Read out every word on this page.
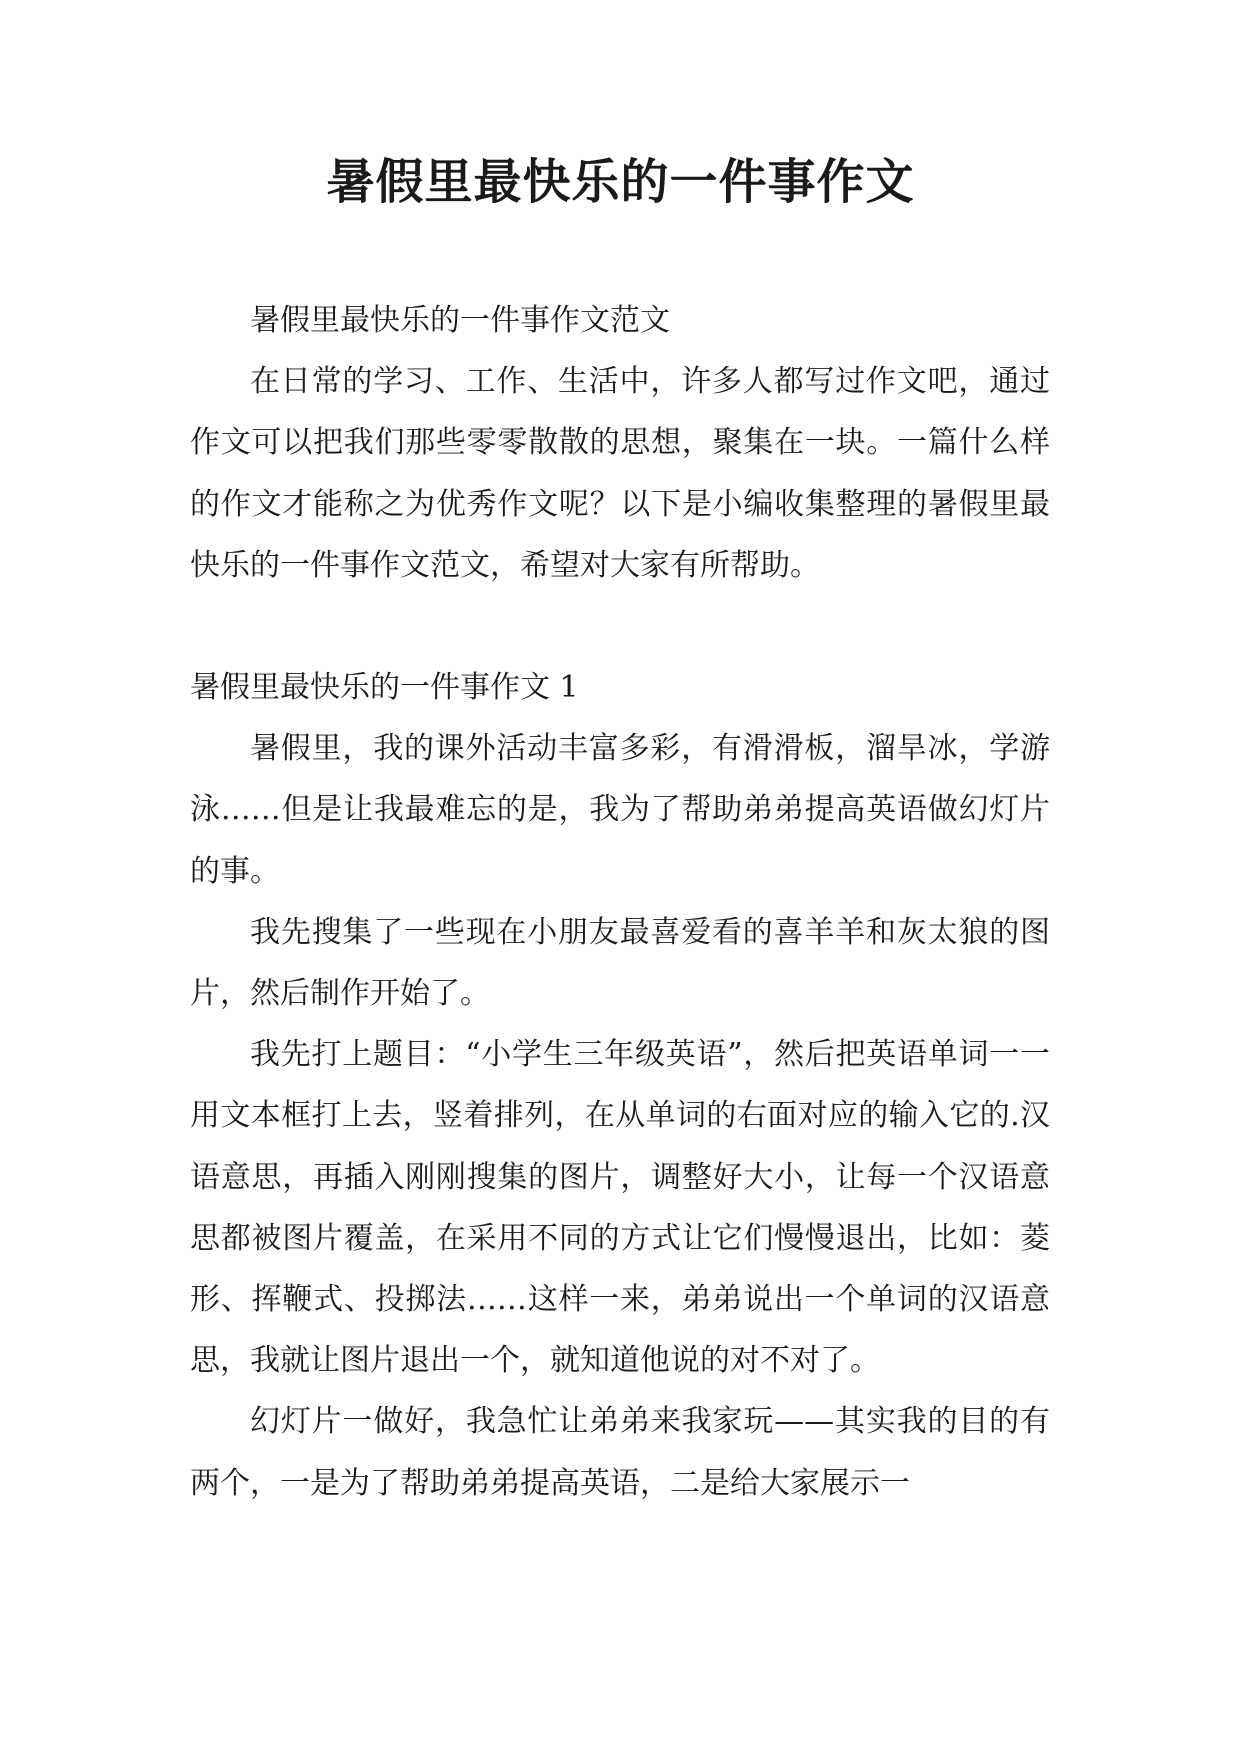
暑假里最快乐的一件事作文

暑假里最快乐的一件事作文范文

在日常的学习、工作、生活中，许多人都写过作文吧，通过作文可以把我们那些零零散散的思想，聚集在一块。一篇什么样的作文才能称之为优秀作文呢？以下是小编收集整理的暑假里最快乐的一件事作文范文，希望对大家有所帮助。

暑假里最快乐的一件事作文 1

暑假里，我的课外活动丰富多彩，有滑滑板，溜旱冰，学游泳……但是让我最难忘的是，我为了帮助弟弟提高英语做幻灯片的事。

我先搜集了一些现在小朋友最喜爱看的喜羊羊和灰太狼的图片，然后制作开始了。

我先打上题目：“小学生三年级英语”，然后把英语单词一一用文本框打上去，竖着排列，在从单词的右面对应的输入它的.汉语意思，再插入刚刚搜集的图片，调整好大小，让每一个汉语意思都被图片覆盖，在采用不同的方式让它们慢慢退出，比如：菱形、挥鞭式、投掷法……这样一来，弟弟说出一个单词的汉语意思，我就让图片退出一个，就知道他说的对不对了。

幻灯片一做好，我急忙让弟弟来我家玩——其实我的目的有两个，一是为了帮助弟弟提高英语，二是给大家展示一
